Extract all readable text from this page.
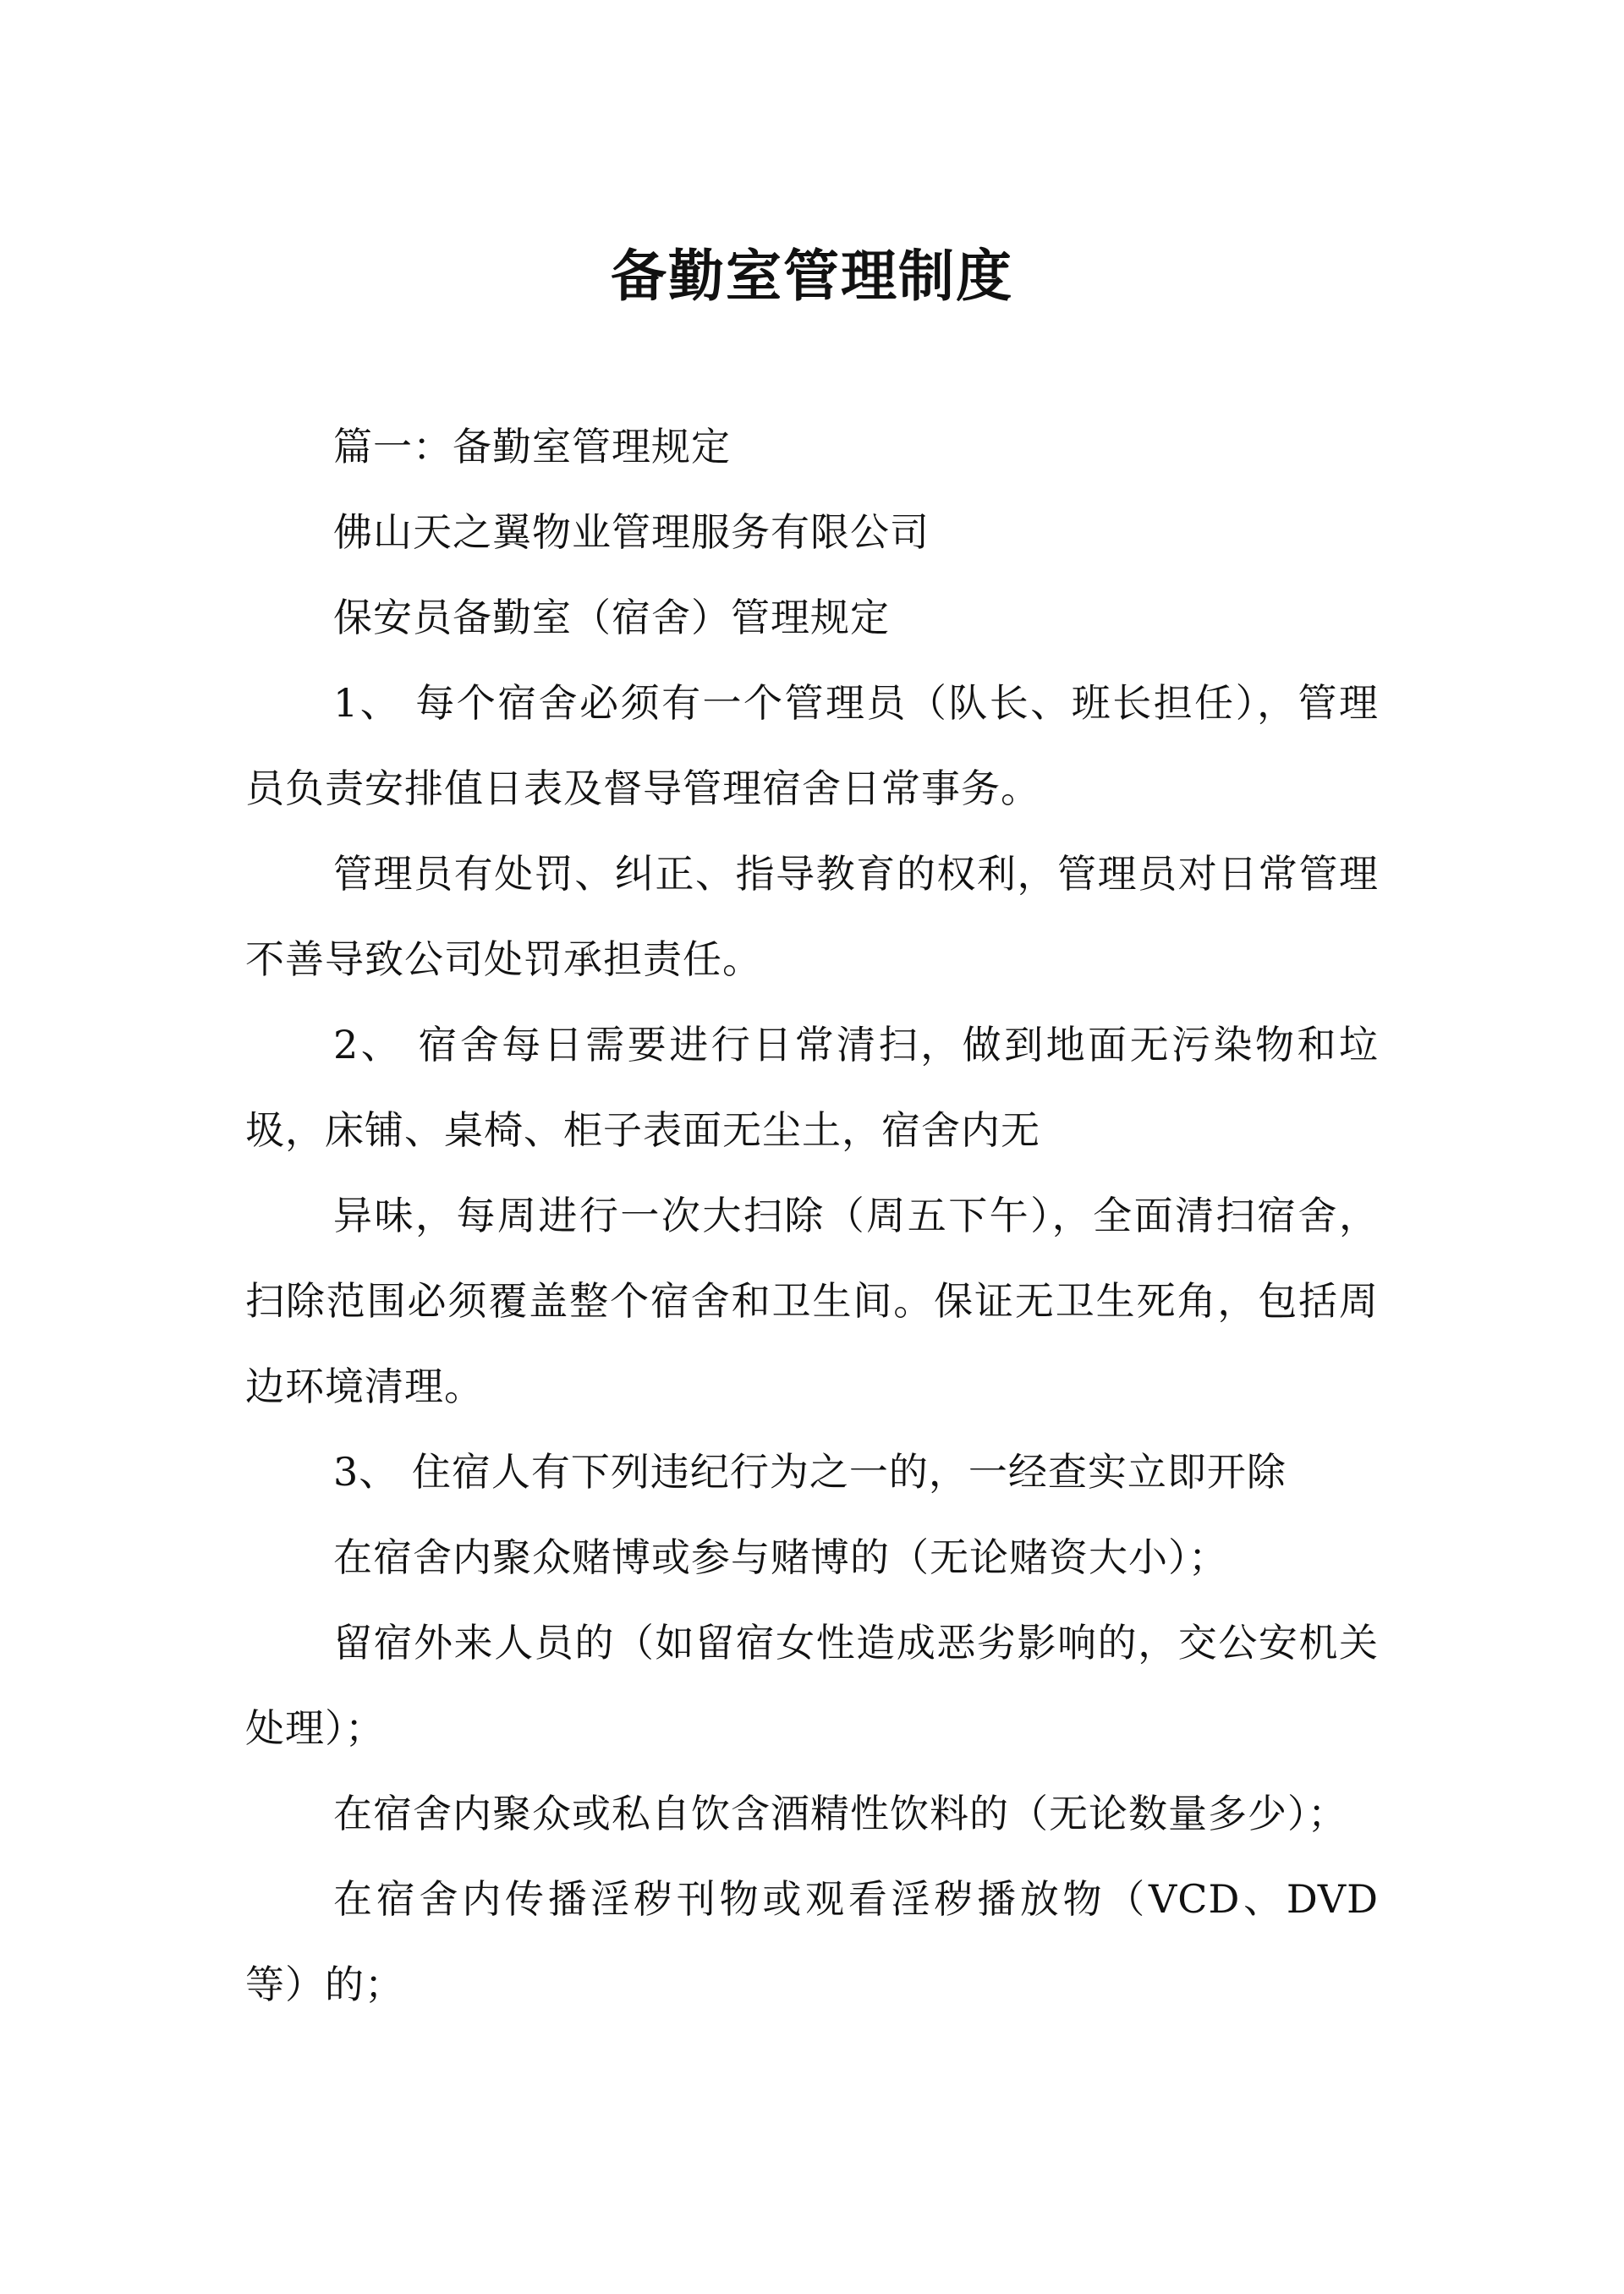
备勤室管理制度

篇一：备勤室管理规定

佛山天之翼物业管理服务有限公司

保安员备勤室（宿舍）管理规定

1、 每个宿舍必须有一个管理员（队长、班长担任），管理员负责安排值日表及督导管理宿舍日常事务。

管理员有处罚、纠正、指导教育的权利，管理员对日常管理不善导致公司处罚承担责任。

2、 宿舍每日需要进行日常清扫，做到地面无污染物和垃圾，床铺、桌椅、柜子表面无尘土，宿舍内无

异味，每周进行一次大扫除（周五下午），全面清扫宿舍，扫除范围必须覆盖整个宿舍和卫生间。保证无卫生死角，包括周边环境清理。

3、 住宿人有下列违纪行为之一的，一经查实立即开除

在宿舍内聚众赌博或参与赌博的（无论赌资大小）；

留宿外来人员的（如留宿女性造成恶劣影响的，交公安机关处理）；

在宿舍内聚众或私自饮含酒精性饮料的（无论数量多少）；

在宿舍内传播淫秽刊物或观看淫秽播放物（VCD、DVD 等）的；
